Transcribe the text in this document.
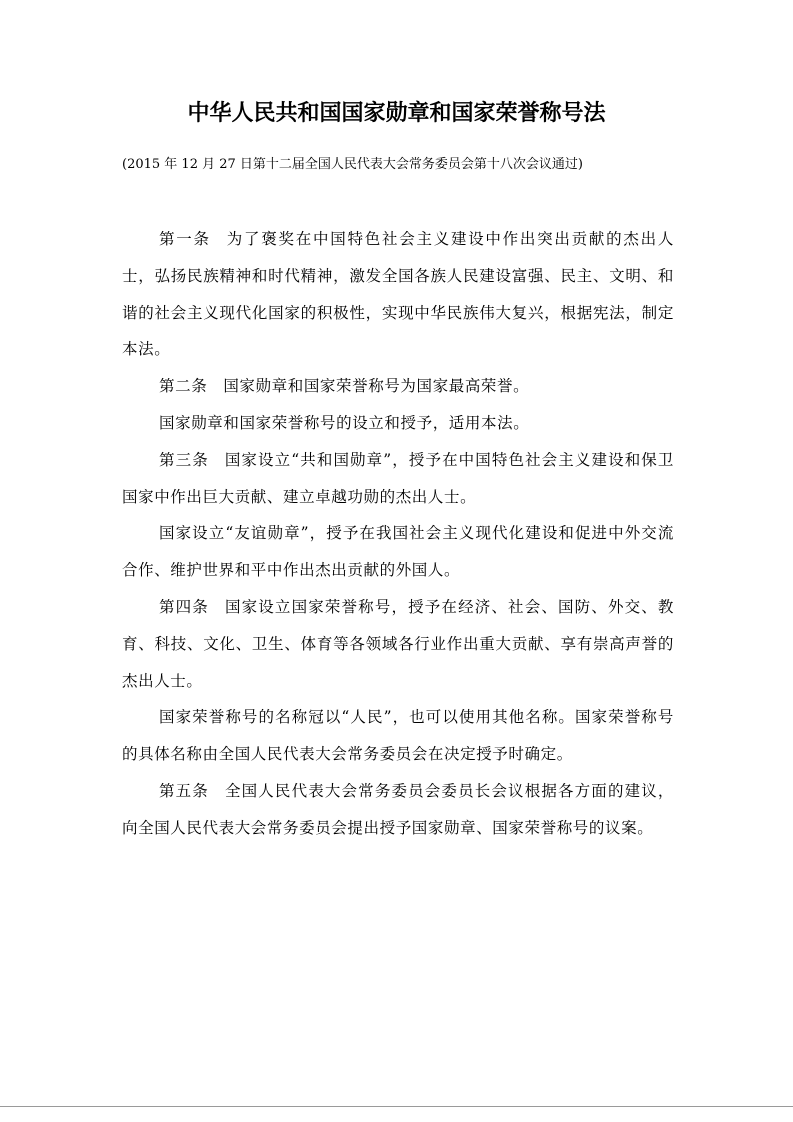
中华人民共和国国家勋章和国家荣誉称号法

(2015 年 12 月 27 日第十二届全国人民代表大会常务委员会第十八次会议通过)

第一条 为了褒奖在中国特色社会主义建设中作出突出贡献的杰出人士，弘扬民族精神和时代精神，激发全国各族人民建设富强、民主、文明、和谐的社会主义现代化国家的积极性，实现中华民族伟大复兴，根据宪法，制定本法。

第二条 国家勋章和国家荣誉称号为国家最高荣誉。

国家勋章和国家荣誉称号的设立和授予，适用本法。

第三条 国家设立“共和国勋章”，授予在中国特色社会主义建设和保卫国家中作出巨大贡献、建立卓越功勋的杰出人士。

国家设立“友谊勋章”，授予在我国社会主义现代化建设和促进中外交流合作、维护世界和平中作出杰出贡献的外国人。

第四条 国家设立国家荣誉称号，授予在经济、社会、国防、外交、教育、科技、文化、卫生、体育等各领域各行业作出重大贡献、享有崇高声誉的杰出人士。

国家荣誉称号的名称冠以“人民”，也可以使用其他名称。国家荣誉称号的具体名称由全国人民代表大会常务委员会在决定授予时确定。

第五条 全国人民代表大会常务委员会委员长会议根据各方面的建议，向全国人民代表大会常务委员会提出授予国家勋章、国家荣誉称号的议案。
